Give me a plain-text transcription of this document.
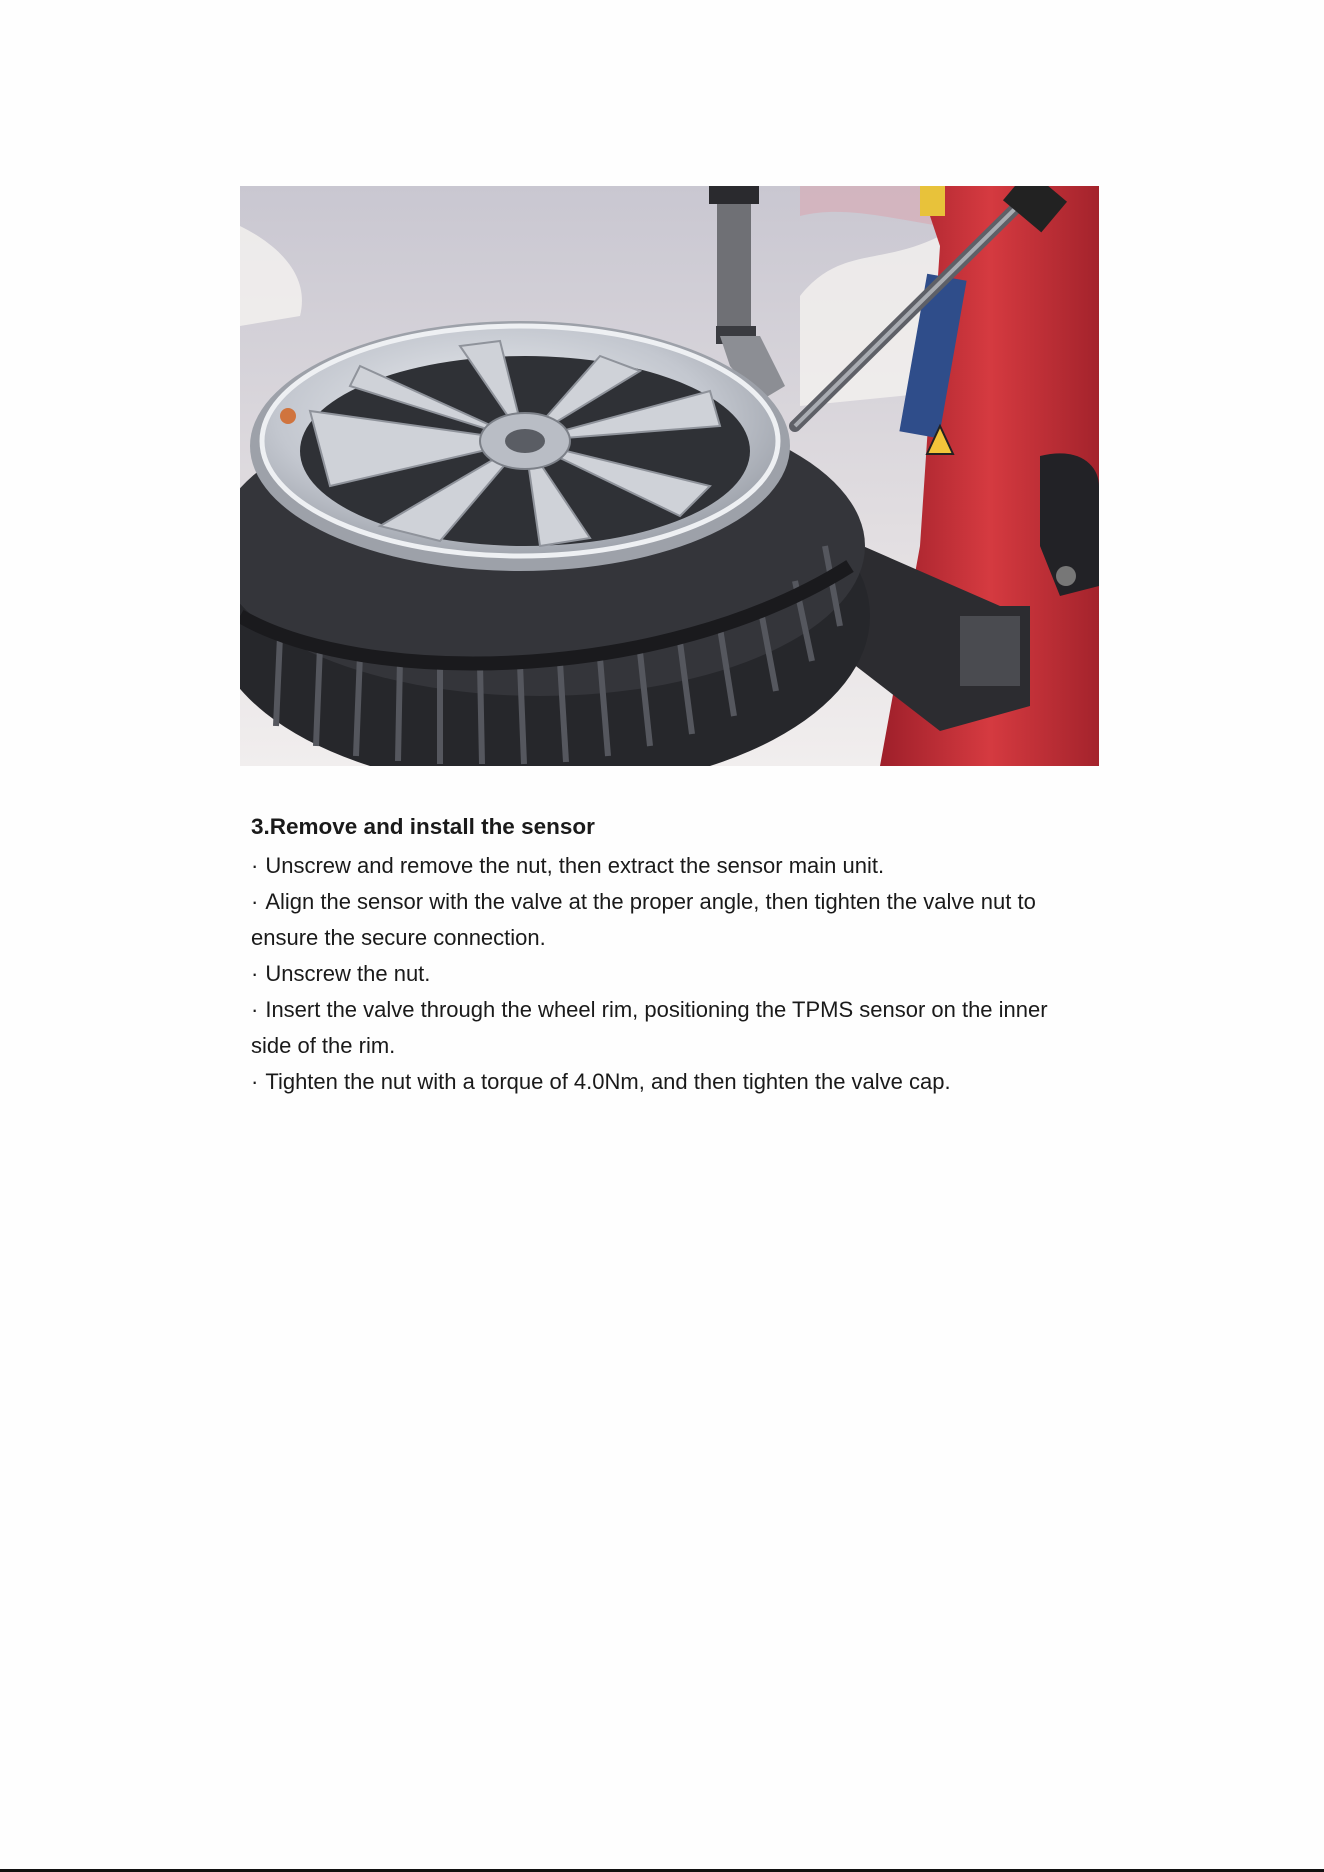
3.Remove and install the sensor
· Unscrew and remove the nut, then extract the sensor main unit.
· Align the sensor with the valve at the proper angle, then tighten the valve nut to ensure the secure connection.
· Unscrew the nut.
· Insert the valve through the wheel rim, positioning the TPMS sensor on the inner side of the rim.
· Tighten the nut with a torque of 4.0Nm, and then tighten the valve cap.
